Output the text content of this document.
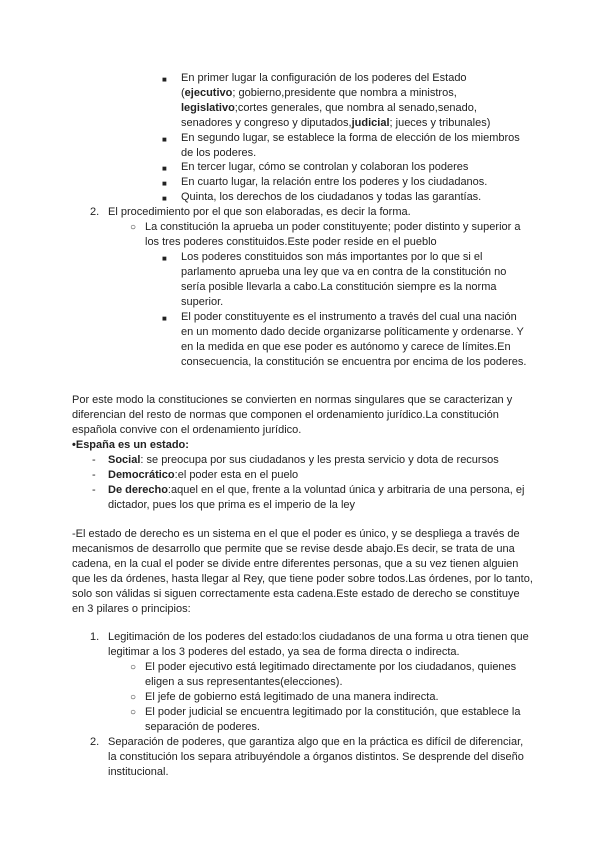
■ En primer lugar la configuración de los poderes del Estado (ejecutivo; gobierno,presidente que nombra a ministros, legislativo;cortes generales, que nombra al senado,senado, senadores y congreso y diputados,judicial; jueces y tribunales)

■ En segundo lugar, se establece la forma de elección de los miembros de los poderes.

■ En tercer lugar, cómo se controlan y colaboran los poderes

■ En cuarto lugar, la relación entre los poderes y los ciudadanos.

■ Quinta, los derechos de los ciudadanos y todas las garantías.

2. El procedimiento por el que son elaboradas, es decir la forma.

○ La constitución la aprueba un poder constituyente; poder distinto y superior a los tres poderes constituidos.Este poder reside en el pueblo

■ Los poderes constituidos son más importantes por lo que si el parlamento aprueba una ley que va en contra de la constitución no sería posible llevarla a cabo.La constitución siempre es la norma superior.

■ El poder constituyente es el instrumento a través del cual una nación en un momento dado decide organizarse políticamente y ordenarse. Y en la medida en que ese poder es autónomo y carece de límites.En consecuencia, la constitución se encuentra por encima de los poderes.

Por este modo la constituciones se convierten en normas singulares que se caracterizan y diferencian del resto de normas que componen el ordenamiento jurídico.La constitución española convive con el ordenamiento jurídico.

•España es un estado:

- Social: se preocupa por sus ciudadanos y les presta servicio y dota de recursos

- Democrático:el poder esta en el puelo

- De derecho:aquel en el que, frente a la voluntad única y arbitraria de una persona, ej dictador, pues los que prima es el imperio de la ley

-El estado de derecho es un sistema en el que el poder es único, y se despliega a través de mecanismos de desarrollo que permite que se revise desde abajo.Es decir, se trata de una cadena, en la cual el poder se divide entre diferentes personas, que a su vez tienen alguien que les da órdenes, hasta llegar al Rey, que tiene poder sobre todos.Las órdenes, por lo tanto, solo son válidas si siguen correctamente esta cadena.Este estado de derecho se constituye en 3 pilares o principios:

1. Legitimación de los poderes del estado:los ciudadanos de una forma u otra tienen que legitimar a los 3 poderes del estado, ya sea de forma directa o indirecta.

○ El poder ejecutivo está legitimado directamente por los ciudadanos, quienes eligen a sus representantes(elecciones).

○ El jefe de gobierno está legitimado de una manera indirecta.

○ El poder judicial se encuentra legitimado por la constitución, que establece la separación de poderes.

2. Separación de poderes, que garantiza algo que en la práctica es difícil de diferenciar, la constitución los separa atribuyéndole a órganos distintos. Se desprende del diseño institucional.
